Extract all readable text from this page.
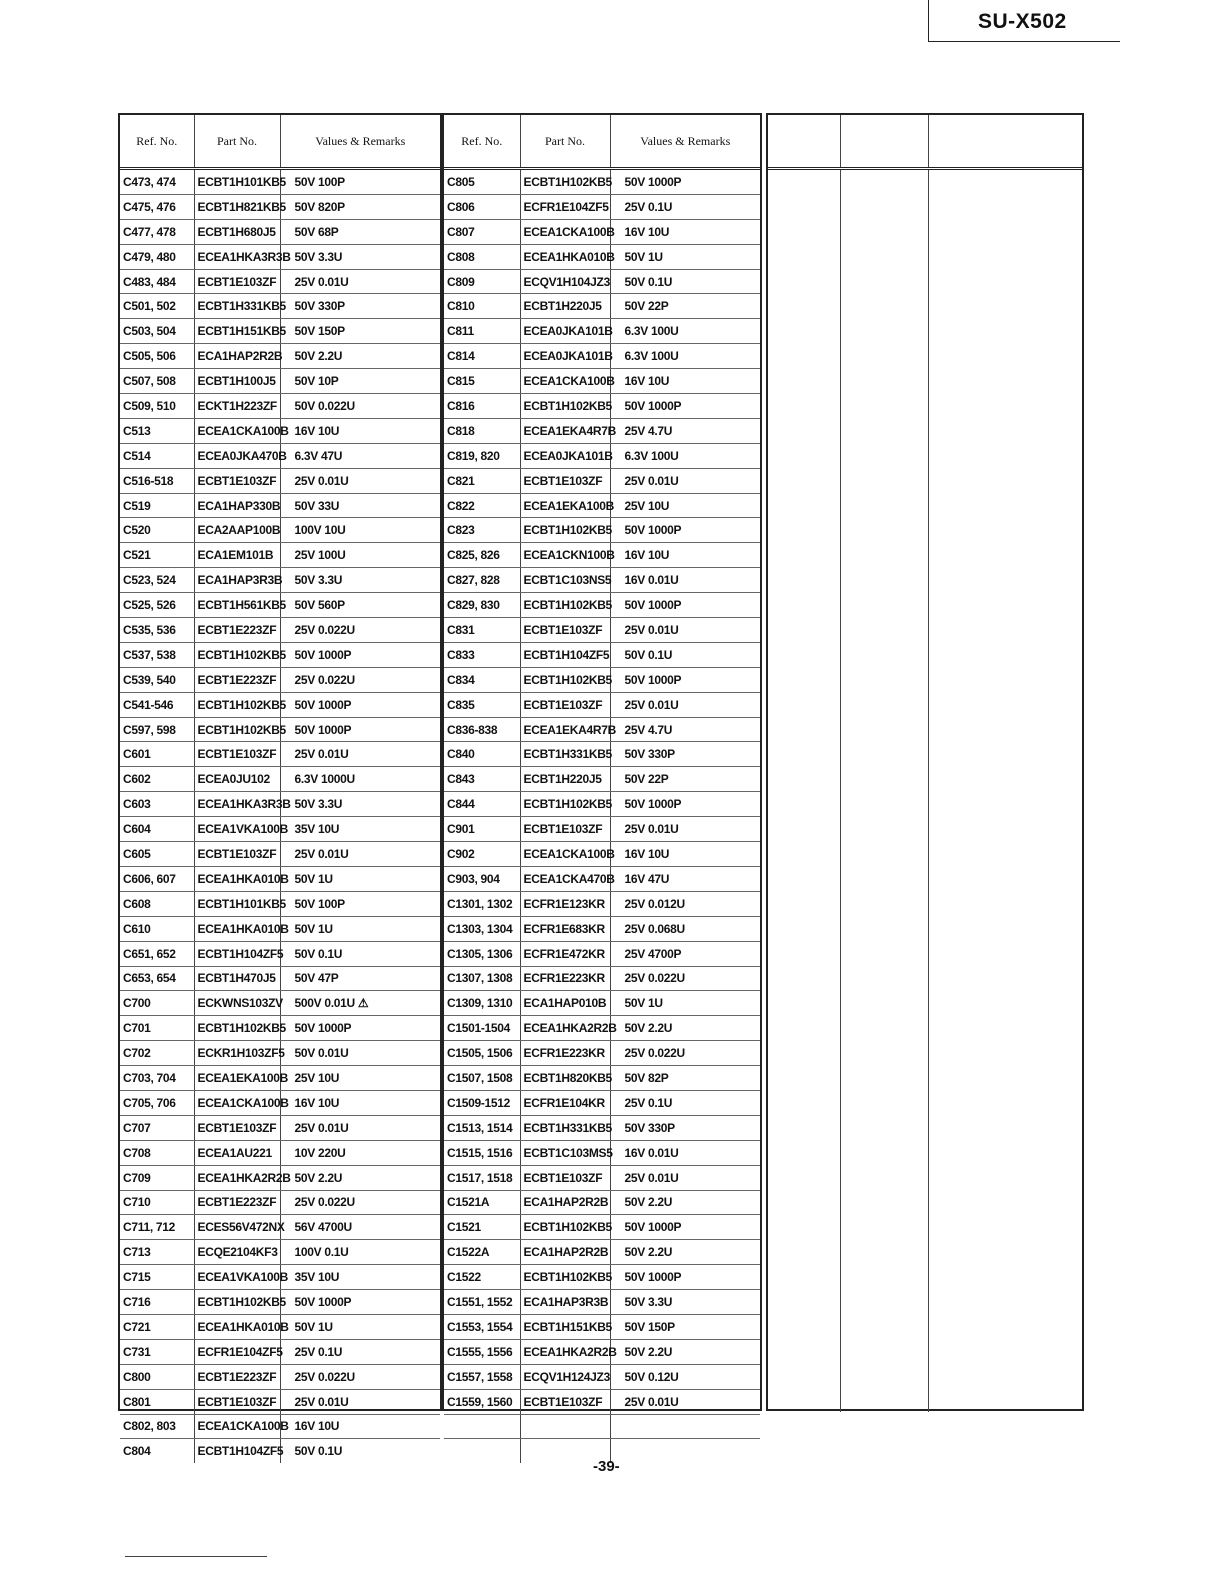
SU-X502
Ref. No.	Part No.	Values & Remarks
C473, 474	ECBT1H101KB5	50V 100P
C475, 476	ECBT1H821KB5	50V 820P
C477, 478	ECBT1H680J5	50V 68P
C479, 480	ECEA1HKA3R3B	50V 3.3U
C483, 484	ECBT1E103ZF	25V 0.01U
C501, 502	ECBT1H331KB5	50V 330P
C503, 504	ECBT1H151KB5	50V 150P
C505, 506	ECA1HAP2R2B	50V 2.2U
C507, 508	ECBT1H100J5	50V 10P
C509, 510	ECKT1H223ZF	50V 0.022U
C513	ECEA1CKA100B	16V 10U
C514	ECEA0JKA470B	6.3V 47U
C516-518	ECBT1E103ZF	25V 0.01U
C519	ECA1HAP330B	50V 33U
C520	ECA2AAP100B	100V 10U
C521	ECA1EM101B	25V 100U
C523, 524	ECA1HAP3R3B	50V 3.3U
C525, 526	ECBT1H561KB5	50V 560P
C535, 536	ECBT1E223ZF	25V 0.022U
C537, 538	ECBT1H102KB5	50V 1000P
C539, 540	ECBT1E223ZF	25V 0.022U
C541-546	ECBT1H102KB5	50V 1000P
C597, 598	ECBT1H102KB5	50V 1000P
C601	ECBT1E103ZF	25V 0.01U
C602	ECEA0JU102	6.3V 1000U
C603	ECEA1HKA3R3B	50V 3.3U
C604	ECEA1VKA100B	35V 10U
C605	ECBT1E103ZF	25V 0.01U
C606, 607	ECEA1HKA010B	50V 1U
C608	ECBT1H101KB5	50V 100P
C610	ECEA1HKA010B	50V 1U
C651, 652	ECBT1H104ZF5	50V 0.1U
C653, 654	ECBT1H470J5	50V 47P
C700	ECKWNS103ZV	500V 0.01U ⚠
C701	ECBT1H102KB5	50V 1000P
C702	ECKR1H103ZF5	50V 0.01U
C703, 704	ECEA1EKA100B	25V 10U
C705, 706	ECEA1CKA100B	16V 10U
C707	ECBT1E103ZF	25V 0.01U
C708	ECEA1AU221	10V 220U
C709	ECEA1HKA2R2B	50V 2.2U
C710	ECBT1E223ZF	25V 0.022U
C711, 712	ECES56V472NX	56V 4700U
C713	ECQE2104KF3	100V 0.1U
C715	ECEA1VKA100B	35V 10U
C716	ECBT1H102KB5	50V 1000P
C721	ECEA1HKA010B	50V 1U
C731	ECFR1E104ZF5	25V 0.1U
C800	ECBT1E223ZF	25V 0.022U
C801	ECBT1E103ZF	25V 0.01U
C802, 803	ECEA1CKA100B	16V 10U
C804	ECBT1H104ZF5	50V 0.1U
Ref. No.	Part No.	Values & Remarks
C805	ECBT1H102KB5	50V 1000P
C806	ECFR1E104ZF5	25V 0.1U
C807	ECEA1CKA100B	16V 10U
C808	ECEA1HKA010B	50V 1U
C809	ECQV1H104JZ3	50V 0.1U
C810	ECBT1H220J5	50V 22P
C811	ECEA0JKA101B	6.3V 100U
C814	ECEA0JKA101B	6.3V 100U
C815	ECEA1CKA100B	16V 10U
C816	ECBT1H102KB5	50V 1000P
C818	ECEA1EKA4R7B	25V 4.7U
C819, 820	ECEA0JKA101B	6.3V 100U
C821	ECBT1E103ZF	25V 0.01U
C822	ECEA1EKA100B	25V 10U
C823	ECBT1H102KB5	50V 1000P
C825, 826	ECEA1CKN100B	16V 10U
C827, 828	ECBT1C103NS5	16V 0.01U
C829, 830	ECBT1H102KB5	50V 1000P
C831	ECBT1E103ZF	25V 0.01U
C833	ECBT1H104ZF5	50V 0.1U
C834	ECBT1H102KB5	50V 1000P
C835	ECBT1E103ZF	25V 0.01U
C836-838	ECEA1EKA4R7B	25V 4.7U
C840	ECBT1H331KB5	50V 330P
C843	ECBT1H220J5	50V 22P
C844	ECBT1H102KB5	50V 1000P
C901	ECBT1E103ZF	25V 0.01U
C902	ECEA1CKA100B	16V 10U
C903, 904	ECEA1CKA470B	16V 47U
C1301, 1302	ECFR1E123KR	25V 0.012U
C1303, 1304	ECFR1E683KR	25V 0.068U
C1305, 1306	ECFR1E472KR	25V 4700P
C1307, 1308	ECFR1E223KR	25V 0.022U
C1309, 1310	ECA1HAP010B	50V 1U
C1501-1504	ECEA1HKA2R2B	50V 2.2U
C1505, 1506	ECFR1E223KR	25V 0.022U
C1507, 1508	ECBT1H820KB5	50V 82P
C1509-1512	ECFR1E104KR	25V 0.1U
C1513, 1514	ECBT1H331KB5	50V 330P
C1515, 1516	ECBT1C103MS5	16V 0.01U
C1517, 1518	ECBT1E103ZF	25V 0.01U
C1521A	ECA1HAP2R2B	50V 2.2U
C1521	ECBT1H102KB5	50V 1000P
C1522A	ECA1HAP2R2B	50V 2.2U
C1522	ECBT1H102KB5	50V 1000P
C1551, 1552	ECA1HAP3R3B	50V 3.3U
C1553, 1554	ECBT1H151KB5	50V 150P
C1555, 1556	ECEA1HKA2R2B	50V 2.2U
C1557, 1558	ECQV1H124JZ3	50V 0.12U
C1559, 1560	ECBT1E103ZF	25V 0.01U

-39-
